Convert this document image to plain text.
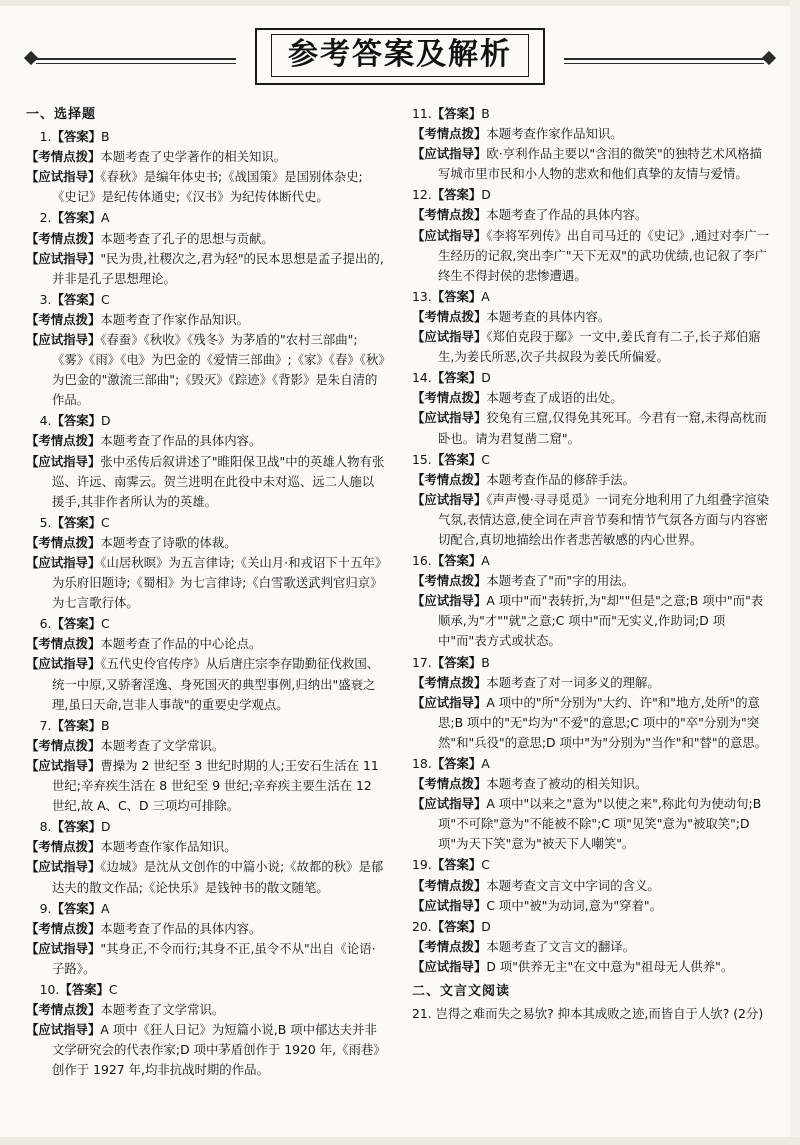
参考答案及解析
一、选择题
1.【答案】B
【考情点拨】本题考查了史学著作的相关知识。
【应试指导】《春秋》是编年体史书;《战国策》是国别体杂史;《史记》是纪传体通史;《汉书》为纪传体断代史。
2.【答案】A
【考情点拨】本题考查了孔子的思想与贡献。
【应试指导】"民为贵,社稷次之,君为轻"的民本思想是孟子提出的,并非是孔子思想理论。
3.【答案】C
【考情点拨】本题考查了作家作品知识。
【应试指导】《春蚕》《秋收》《残冬》为茅盾的"农村三部曲";《雾》《雨》《电》为巴金的《爱情三部曲》;《家》《春》《秋》为巴金的"激流三部曲";《毁灭》《踪迹》《背影》是朱自清的作品。
4.【答案】D
【考情点拨】本题考查了作品的具体内容。
【应试指导】张中丞传后叙讲述了"睢阳保卫战"中的英雄人物有张巡、许远、南霁云。贺兰进明在此役中未对巡、远二人施以援手,其非作者所认为的英雄。
5.【答案】C
【考情点拨】本题考查了诗歌的体裁。
【应试指导】《山居秋暝》为五言律诗;《关山月·和戎诏下十五年》为乐府旧题诗;《蜀相》为七言律诗;《白雪歌送武判官归京》为七言歌行体。
6.【答案】C
【考情点拨】本题考查了作品的中心论点。
【应试指导】《五代史伶官传序》从后唐庄宗李存勖勤征伐救国、统一中原,又骄奢淫逸、身死国灭的典型事例,归纳出"盛衰之理,虽曰天命,岂非人事哉"的重要史学观点。
7.【答案】B
【考情点拨】本题考查了文学常识。
【应试指导】曹操为 2 世纪至 3 世纪时期的人;王安石生活在 11 世纪;辛弃疾生活在 8 世纪至 9 世纪;辛弃疾主要生活在 12 世纪,故 A、C、D 三项均可排除。
8.【答案】D
【考情点拨】本题考查作家作品知识。
【应试指导】《边城》是沈从文创作的中篇小说;《故都的秋》是郁达夫的散文作品;《论快乐》是钱钟书的散文随笔。
9.【答案】A
【考情点拨】本题考查了作品的具体内容。
【应试指导】"其身正,不令而行;其身不正,虽令不从"出自《论语·子路》。
10.【答案】C
【考情点拨】本题考查了文学常识。
【应试指导】A 项中《狂人日记》为短篇小说,B 项中郁达夫并非文学研究会的代表作家;D 项中茅盾创作于 1920 年,《雨巷》创作于 1927 年,均非抗战时期的作品。
11.【答案】B
【考情点拨】本题考查作家作品知识。
【应试指导】欧·亨利作品主要以"含泪的微笑"的独特艺术风格描写城市里市民和小人物的悲欢和他们真挚的友情与爱情。
12.【答案】D
【考情点拨】本题考查了作品的具体内容。
【应试指导】《李将军列传》出自司马迁的《史记》,通过对李广一生经历的记叙,突出李广"天下无双"的武功优绩,也记叙了李广终生不得封侯的悲惨遭遇。
13.【答案】A
【考情点拨】本题考查的具体内容。
【应试指导】《郑伯克段于鄢》一文中,姜氏育有二子,长子郑伯寤生,为姜氏所恶,次子共叔段为姜氏所偏爱。
14.【答案】D
【考情点拨】本题考查了成语的出处。
【应试指导】狡兔有三窟,仅得免其死耳。今君有一窟,未得高枕而卧也。请为君复凿二窟"。
15.【答案】C
【考情点拨】本题考查作品的修辞手法。
【应试指导】《声声慢·寻寻觅觅》一词充分地利用了九组叠字渲染气氛,表情达意,使全词在声音节奏和情节气氛各方面与内容密切配合,真切地描绘出作者悲苦敏感的内心世界。
16.【答案】A
【考情点拨】本题考查了"而"字的用法。
【应试指导】A 项中"而"表转折,为"却""但是"之意;B 项中"而"表顺承,为"才""就"之意;C 项中"而"无实义,作助词;D 项中"而"表方式或状态。
17.【答案】B
【考情点拨】本题考查了对一词多义的理解。
【应试指导】A 项中的"所"分别为"大约、许"和"地方,处所"的意思;B 项中的"无"均为"不爱"的意思;C 项中的"卒"分别为"突然"和"兵役"的意思;D 项中"为"分别为"当作"和"替"的意思。
18.【答案】A
【考情点拨】本题考查了被动的相关知识。
【应试指导】A 项中"以来之"意为"以使之来",称此句为使动句;B 项"不可除"意为"不能被不除";C 项"见笑"意为"被取笑";D 项"为天下笑"意为"被天下人嘲笑"。
19.【答案】C
【考情点拨】本题考查文言文中字词的含义。
【应试指导】C 项中"被"为动词,意为"穿着"。
20.【答案】D
【考情点拨】本题考查了文言文的翻译。
【应试指导】D 项"供养无主"在文中意为"祖母无人供养"。
二、文言文阅读
21. 岂得之难而失之易欤? 抑本其成败之迹,而皆自于人欤? (2分)
